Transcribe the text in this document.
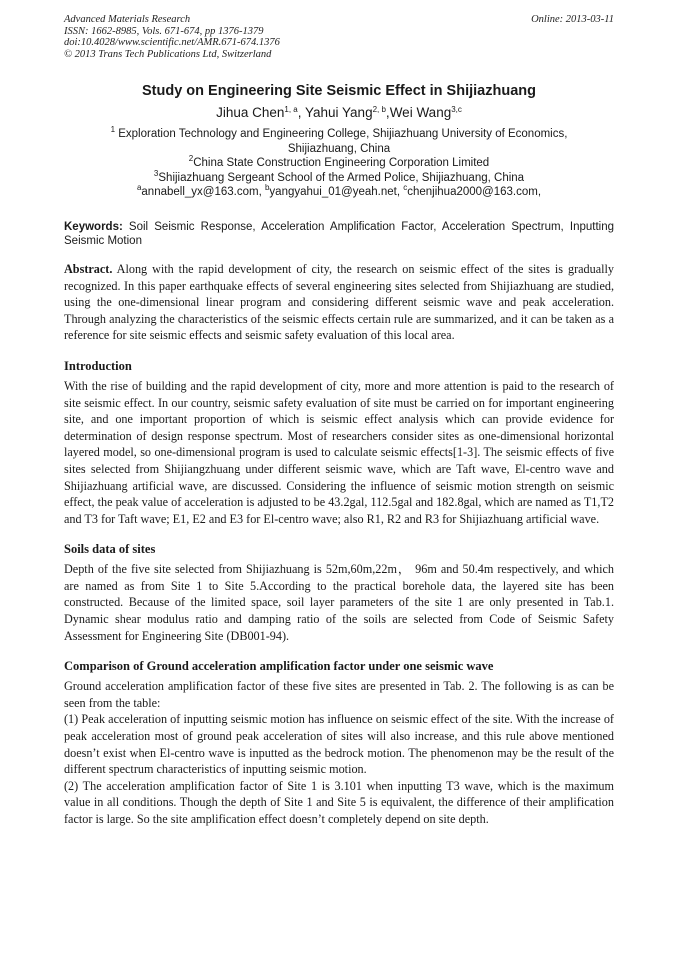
Advanced Materials Research
ISSN: 1662-8985, Vols. 671-674, pp 1376-1379
doi:10.4028/www.scientific.net/AMR.671-674.1376
© 2013 Trans Tech Publications Ltd, Switzerland
Online: 2013-03-11
Study on Engineering Site Seismic Effect in Shijiazhuang
Jihua Chen$^{1, a}$, Yahui Yang$^{2, b}$,Wei Wang$^{3,c}$
$^1$ Exploration Technology and Engineering College, Shijiazhuang University of Economics,
Shijiazhuang, China
$^2$China State Construction Engineering Corporation Limited
$^3$Shijiazhuang Sergeant School of the Armed Police, Shijiazhuang, China
$^a$annabell_yx@163.com, $^b$yangyahui_01@yeah.net, $^c$chenjihua2000@163.com,
Keywords: Soil Seismic Response, Acceleration Amplification Factor, Acceleration Spectrum, Inputting Seismic Motion
Abstract. Along with the rapid development of city, the research on seismic effect of the sites is gradually recognized. In this paper earthquake effects of several engineering sites selected from Shijiazhuang are studied, using the one-dimensional linear program and considering different seismic wave and peak acceleration. Through analyzing the characteristics of the seismic effects certain rule are summarized, and it can be taken as a reference for site seismic effects and seismic safety evaluation of this local area.
Introduction

With the rise of building and the rapid development of city, more and more attention is paid to the research of site seismic effect. In our country, seismic safety evaluation of site must be carried on for important engineering site, and one important proportion of which is seismic effect analysis which can provide evidence for determination of design response spectrum. Most of researchers consider sites as one-dimensional horizontal layered model, so one-dimensional program is used to calculate seismic effects[1-3]. The seismic effects of five sites selected from Shijiangzhuang under different seismic wave, which are Taft wave, El-centro wave and Shijiazhuang artificial wave, are discussed. Considering the influence of seismic motion strength on seismic effect, the peak value of acceleration is adjusted to be 43.2gal, 112.5gal and 182.8gal, which are named as T1,T2 and T3 for Taft wave; E1, E2 and E3 for El-centro wave; also R1, R2 and R3 for Shijiazhuang artificial wave.

Soils data of sites

Depth of the five site selected from Shijiazhuang is 52m,60m,22m， 96m and 50.4m respectively, and which are named as from Site 1 to Site 5.According to the practical borehole data, the layered site has been constructed. Because of the limited space, soil layer parameters of the site 1 are only presented in Tab.1. Dynamic shear modulus ratio and damping ratio of the soils are selected from Code of Seismic Safety Assessment for Engineering Site (DB001-94).

Comparison of Ground acceleration amplification factor under one seismic wave

Ground acceleration amplification factor of these five sites are presented in Tab. 2. The following is as can be seen from the table:

(1) Peak acceleration of inputting seismic motion has influence on seismic effect of the site. With the increase of peak acceleration most of ground peak acceleration of sites will also increase, and this rule above mentioned doesn’t exist when El-centro wave is inputted as the bedrock motion. The phenomenon may be the result of the different spectrum characteristics of inputting seismic motion.

(2) The acceleration amplification factor of Site 1 is 3.101 when inputting T3 wave, which is the maximum value in all conditions. Though the depth of Site 1 and Site 5 is equivalent, the difference of their amplification factor is large. So the site amplification effect doesn’t completely depend on site depth.
